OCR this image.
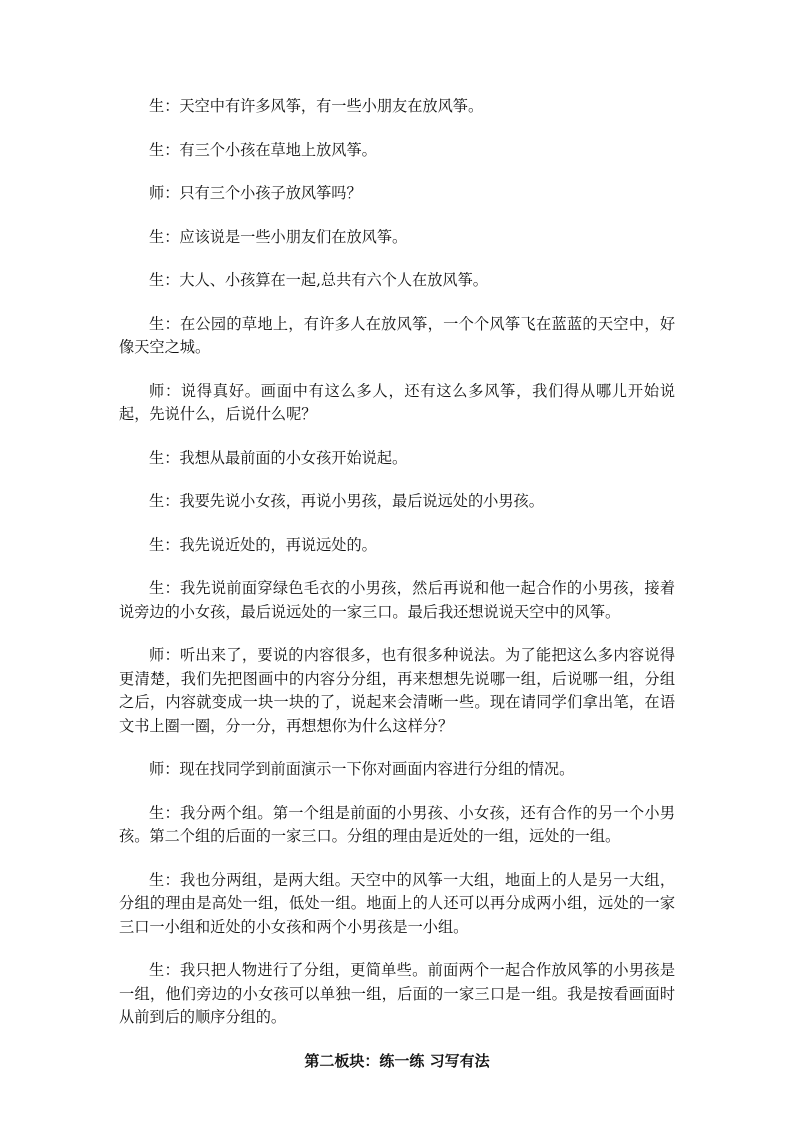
生：天空中有许多风筝，有一些小朋友在放风筝。

生：有三个小孩在草地上放风筝。

师：只有三个小孩子放风筝吗？

生：应该说是一些小朋友们在放风筝。

生：大人、小孩算在一起,总共有六个人在放风筝。

生：在公园的草地上，有许多人在放风筝，一个个风筝飞在蓝蓝的天空中，好像天空之城。

师：说得真好。画面中有这么多人，还有这么多风筝，我们得从哪儿开始说起，先说什么，后说什么呢？

生：我想从最前面的小女孩开始说起。

生：我要先说小女孩，再说小男孩，最后说远处的小男孩。

生：我先说近处的，再说远处的。

生：我先说前面穿绿色毛衣的小男孩，然后再说和他一起合作的小男孩，接着说旁边的小女孩，最后说远处的一家三口。最后我还想说说天空中的风筝。

师：听出来了，要说的内容很多，也有很多种说法。为了能把这么多内容说得更清楚，我们先把图画中的内容分分组，再来想想先说哪一组，后说哪一组，分组之后，内容就变成一块一块的了，说起来会清晰一些。现在请同学们拿出笔，在语文书上圈一圈，分一分，再想想你为什么这样分？

师：现在找同学到前面演示一下你对画面内容进行分组的情况。

生：我分两个组。第一个组是前面的小男孩、小女孩，还有合作的另一个小男孩。第二个组的后面的一家三口。分组的理由是近处的一组，远处的一组。

生：我也分两组，是两大组。天空中的风筝一大组，地面上的人是另一大组，分组的理由是高处一组，低处一组。地面上的人还可以再分成两小组，远处的一家三口一小组和近处的小女孩和两个小男孩是一小组。

生：我只把人物进行了分组，更简单些。前面两个一起合作放风筝的小男孩是一组，他们旁边的小女孩可以单独一组，后面的一家三口是一组。我是按看画面时从前到后的顺序分组的。

第二板块：练一练 习写有法
